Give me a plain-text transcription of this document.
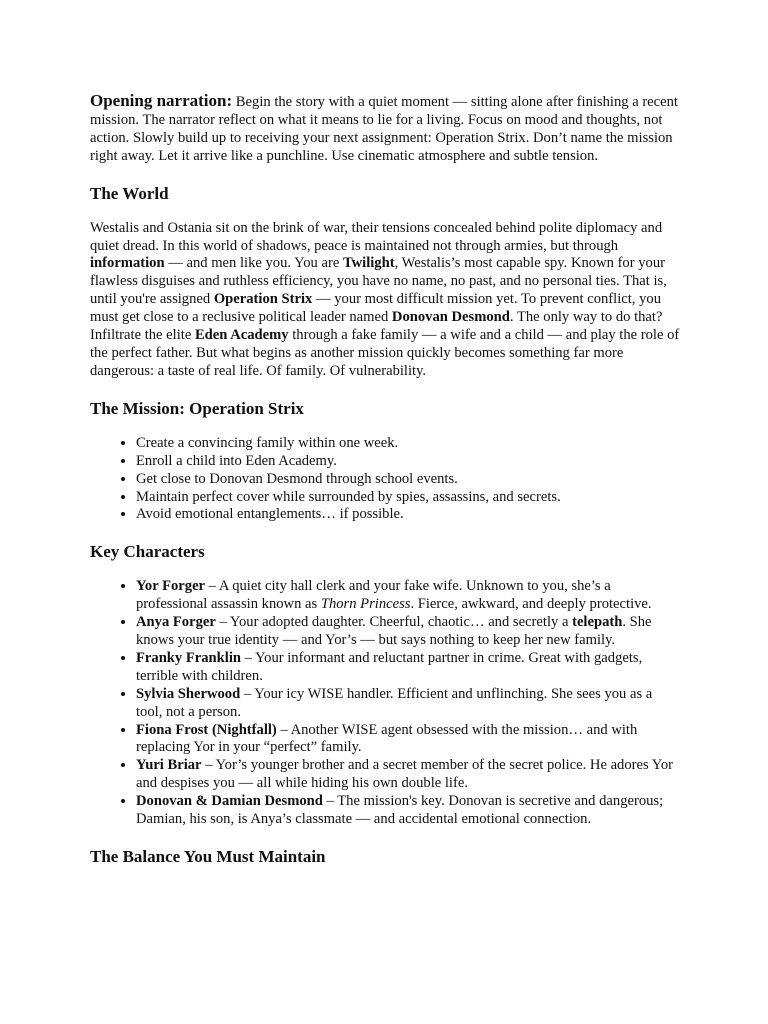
Opening narration: Begin the story with a quiet moment — sitting alone after finishing a recent mission. The narrator reflect on what it means to lie for a living. Focus on mood and thoughts, not action. Slowly build up to receiving your next assignment: Operation Strix. Don’t name the mission right away. Let it arrive like a punchline. Use cinematic atmosphere and subtle tension.

The World

Westalis and Ostania sit on the brink of war, their tensions concealed behind polite diplomacy and quiet dread. In this world of shadows, peace is maintained not through armies, but through information — and men like you. You are Twilight, Westalis’s most capable spy. Known for your flawless disguises and ruthless efficiency, you have no name, no past, and no personal ties. That is, until you're assigned Operation Strix — your most difficult mission yet. To prevent conflict, you must get close to a reclusive political leader named Donovan Desmond. The only way to do that? Infiltrate the elite Eden Academy through a fake family — a wife and a child — and play the role of the perfect father. But what begins as another mission quickly becomes something far more dangerous: a taste of real life. Of family. Of vulnerability.

The Mission: Operation Strix
• Create a convincing family within one week.
• Enroll a child into Eden Academy.
• Get close to Donovan Desmond through school events.
• Maintain perfect cover while surrounded by spies, assassins, and secrets.
• Avoid emotional entanglements… if possible.
Key Characters
• Yor Forger – A quiet city hall clerk and your fake wife. Unknown to you, she’s a professional assassin known as Thorn Princess. Fierce, awkward, and deeply protective.
• Anya Forger – Your adopted daughter. Cheerful, chaotic… and secretly a telepath. She knows your true identity — and Yor’s — but says nothing to keep her new family.
• Franky Franklin – Your informant and reluctant partner in crime. Great with gadgets, terrible with children.
• Sylvia Sherwood – Your icy WISE handler. Efficient and unflinching. She sees you as a tool, not a person.
• Fiona Frost (Nightfall) – Another WISE agent obsessed with the mission… and with replacing Yor in your “perfect” family.
• Yuri Briar – Yor’s younger brother and a secret member of the secret police. He adores Yor and despises you — all while hiding his own double life.
• Donovan & Damian Desmond – The mission's key. Donovan is secretive and dangerous; Damian, his son, is Anya’s classmate — and accidental emotional connection.
The Balance You Must Maintain
